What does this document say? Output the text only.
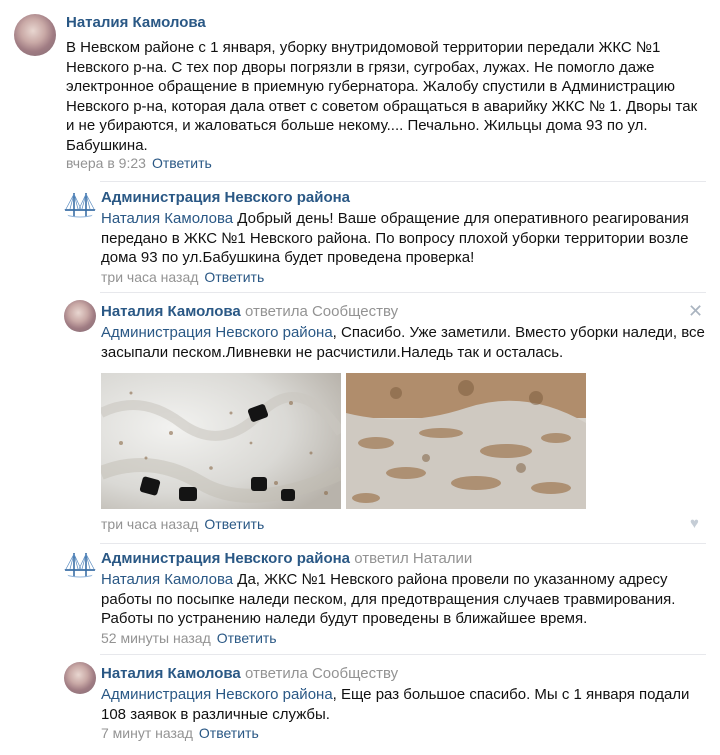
Наталия Камолова
В Невском районе с 1 января, уборку внутридомовой территории передали ЖКС №1 Невского р-на. С тех пор дворы погрязли в грязи, сугробах, лужах. Не помогло даже электронное обращение в приемную губернатора. Жалобу спустили в Администрацию Невского р-на, которая дала ответ с советом обращаться в аварийку ЖКС № 1. Дворы так и не убираются, и жаловаться больше некому.... Печально. Жильцы дома 93 по ул. Бабушкина.
вчера в 9:23 Ответить
Администрация Невского района
Наталия Камолова Добрый день! Ваше обращение для оперативного реагирования передано в ЖКС №1 Невского района. По вопросу плохой уборки территории возле дома 93 по ул.Бабушкина будет проведена проверка!
три часа назад Ответить
Наталия Камолова ответила Сообществу	✕
Администрация Невского района, Спасибо. Уже заметили. Вместо уборки наледи, все засыпали песком.Ливневки не расчистили.Наледь так и осталась.
три часа назад Ответить	♥
Администрация Невского района ответил Наталии
Наталия Камолова Да, ЖКС №1 Невского района провели по указанному адресу работы по посыпке наледи песком, для предотвращения случаев травмирования. Работы по устранению наледи будут проведены в ближайшее время.
52 минуты назад Ответить
Наталия Камолова ответила Сообществу
Администрация Невского района, Еще раз большое спасибо. Мы с 1 января подали 108 заявок в различные службы.
7 минут назад Ответить
